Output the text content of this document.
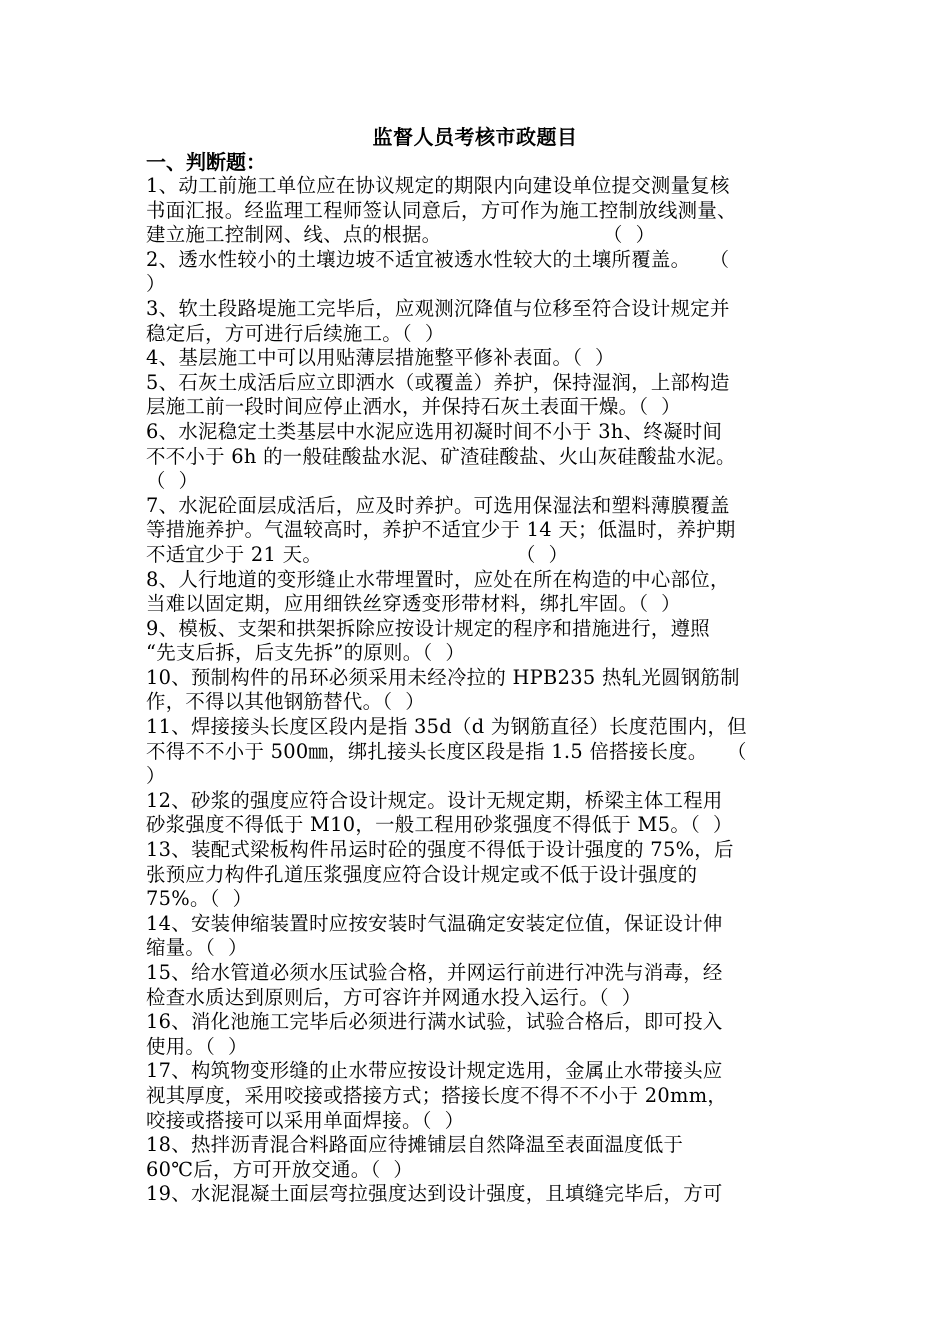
监督人员考核市政题目
一、判断题：
1、动工前施工单位应在协议规定的期限内向建设单位提交测量复核
书面汇报。经监理工程师签认同意后，方可作为施工控制放线测量、
建立施工控制网、线、点的根据。                         （  ）
2、透水性较小的土壤边坡不适宜被透水性较大的土壤所覆盖。   （
）
3、软土段路堤施工完毕后，应观测沉降值与位移至符合设计规定并
稳定后，方可进行后续施工。（  ）
4、基层施工中可以用贴薄层措施整平修补表面。（  ）
5、石灰土成活后应立即洒水（或覆盖）养护，保持湿润，上部构造
层施工前一段时间应停止洒水，并保持石灰土表面干燥。（  ）
6、水泥稳定土类基层中水泥应选用初凝时间不小于 3h、终凝时间
不不小于 6h 的一般硅酸盐水泥、矿渣硅酸盐、火山灰硅酸盐水泥。
（  ）
7、水泥砼面层成活后，应及时养护。可选用保湿法和塑料薄膜覆盖
等措施养护。气温较高时，养护不适宜少于 14 天；低温时，养护期
不适宜少于 21 天。                              （  ）
8、人行地道的变形缝止水带埋置时，应处在所在构造的中心部位，
当难以固定期，应用细铁丝穿透变形带材料，绑扎牢固。（  ）
9、模板、支架和拱架拆除应按设计规定的程序和措施进行，遵照
“先支后拆，后支先拆”的原则。（  ）
10、预制构件的吊环必须采用未经冷拉的 HPB235 热轧光圆钢筋制
作，不得以其他钢筋替代。（  ）
11、焊接接头长度区段内是指 35d（d 为钢筋直径）长度范围内，但
不得不不小于 500㎜，绑扎接头长度区段是指 1.5 倍搭接长度。   （
）
12、砂浆的强度应符合设计规定。设计无规定期，桥梁主体工程用
砂浆强度不得低于 M10，一般工程用砂浆强度不得低于 M5。（  ）
13、装配式梁板构件吊运时砼的强度不得低于设计强度的 75%，后
张预应力构件孔道压浆强度应符合设计规定或不低于设计强度的
75%。（  ）
14、安装伸缩装置时应按安装时气温确定安装定位值，保证设计伸
缩量。（  ）
15、给水管道必须水压试验合格，并网运行前进行冲洗与消毒，经
检查水质达到原则后，方可容许并网通水投入运行。（  ）
16、消化池施工完毕后必须进行满水试验，试验合格后，即可投入
使用。（  ）
17、构筑物变形缝的止水带应按设计规定选用，金属止水带接头应
视其厚度，采用咬接或搭接方式；搭接长度不得不不小于 20mm，
咬接或搭接可以采用单面焊接。（  ）
18、热拌沥青混合料路面应待摊铺层自然降温至表面温度低于
60℃后，方可开放交通。（  ）
19、水泥混凝土面层弯拉强度达到设计强度，且填缝完毕后，方可
